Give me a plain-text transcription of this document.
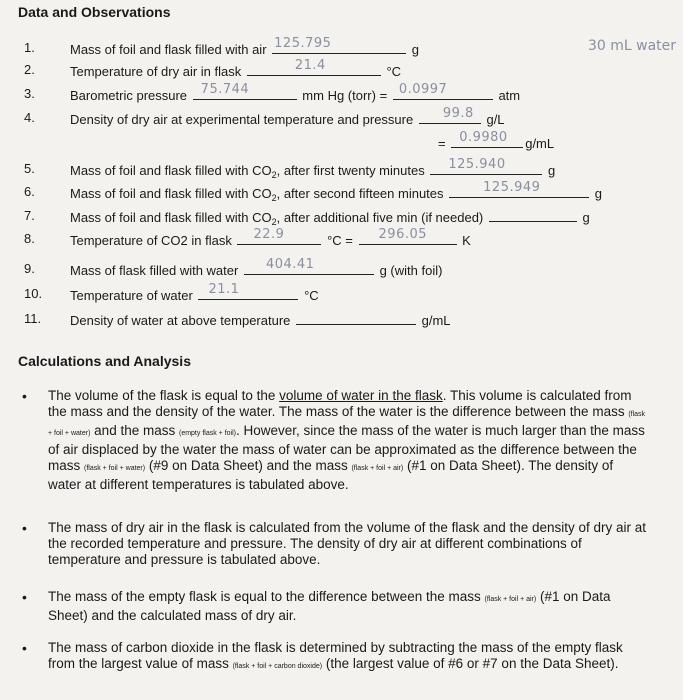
Data and Observations
30 mL water
1.	Mass of foil and flask filled with air 125.795	g
2.	Temperature of dry air in flask	21.4	°C
3.	Barometric pressure 75.744	mm Hg (torr) = 0.0997	atm
4.	Density of dry air at experimental temperature and pressure 99.8 g/L
= 0.9980 g/mL
5.	Mass of foil and flask filled with $CO_2$, after first twenty minutes 125.940	g
6.	Mass of foil and flask filled with $CO_2$, after second fifteen minutes	125.949	g
7.	Mass of foil and flask filled with $CO_2$, after additional five min (if needed)	g
8.	Temperature of CO2 in flask 22.9	°C = 296.05	K
9.	Mass of flask filled with water 404.41	g (with foil)
10. Temperature of water 21.1	°C
11. Density of water at above temperature	g/mL
Calculations and Analysis
• The volume of the flask is equal to the volume of water in the flask. This volume is calculated from the mass and the density of the water. The mass of the water is the difference between the mass (flask + foil + water) and the mass (empty flask + foil). However, since the mass of the water is much larger than the mass of air displaced by the water the mass of water can be approximated as the difference between the mass (flask + foil + water) (#9 on Data Sheet) and the mass (flask + foil + air) (#1 on Data Sheet). The density of water at different temperatures is tabulated above.
• The mass of dry air in the flask is calculated from the volume of the flask and the density of dry air at the recorded temperature and pressure. The density of dry air at different combinations of temperature and pressure is tabulated above.
• The mass of the empty flask is equal to the difference between the mass (flask + foil + air) (#1 on Data Sheet) and the calculated mass of dry air.
• The mass of carbon dioxide in the flask is determined by subtracting the mass of the empty flask from the largest value of mass (flask + foil + carbon dioxide) (the largest value of #6 or #7 on the Data Sheet).
